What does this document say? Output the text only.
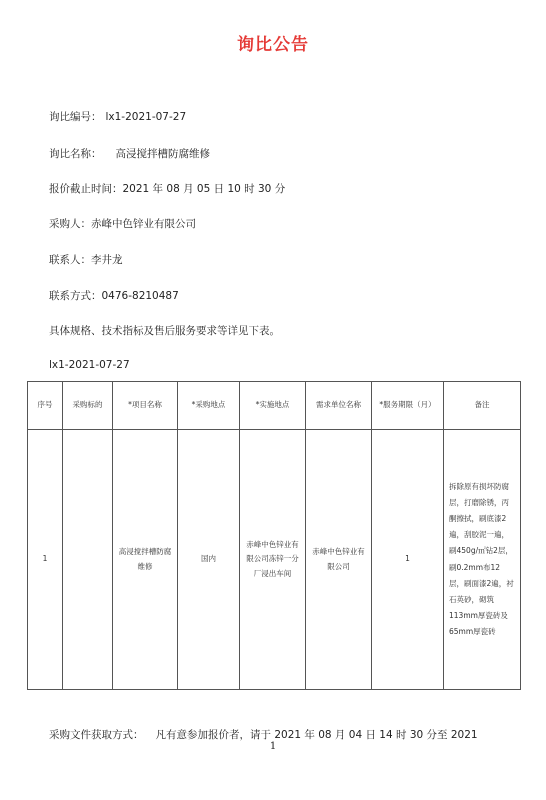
询比公告
询比编号： lx1-2021-07-27
询比名称： 高浸搅拌槽防腐维修
报价截止时间：2021 年 08 月 05 日 10 时 30 分
采购人：赤峰中色锌业有限公司
联系人：李井龙
联系方式：0476-8210487
具体规格、技术指标及售后服务要求等详见下表。
lx1-2021-07-27
序号	采购标的	*项目名称	*采购地点	*实施地点	需求单位名称	*服务期限（月）	备注
1		高浸搅拌槽防腐维修	国内	赤峰中色锌业有限公司冻锌一分厂浸出车间	赤峰中色锌业有限公司	1	拆除原有损坏防腐层，打磨除锈，丙酮擦拭，刷底漆2遍，刮胶泥一遍，刷450g/㎡钻2层，刷0.2mm布12层，刷面漆2遍，衬石英砂，砌筑113mm厚瓷砖及65mm厚瓷砖
采购文件获取方式： 凡有意参加报价者，请于 2021 年 08 月 04 日 14 时 30 分至 2021
1
